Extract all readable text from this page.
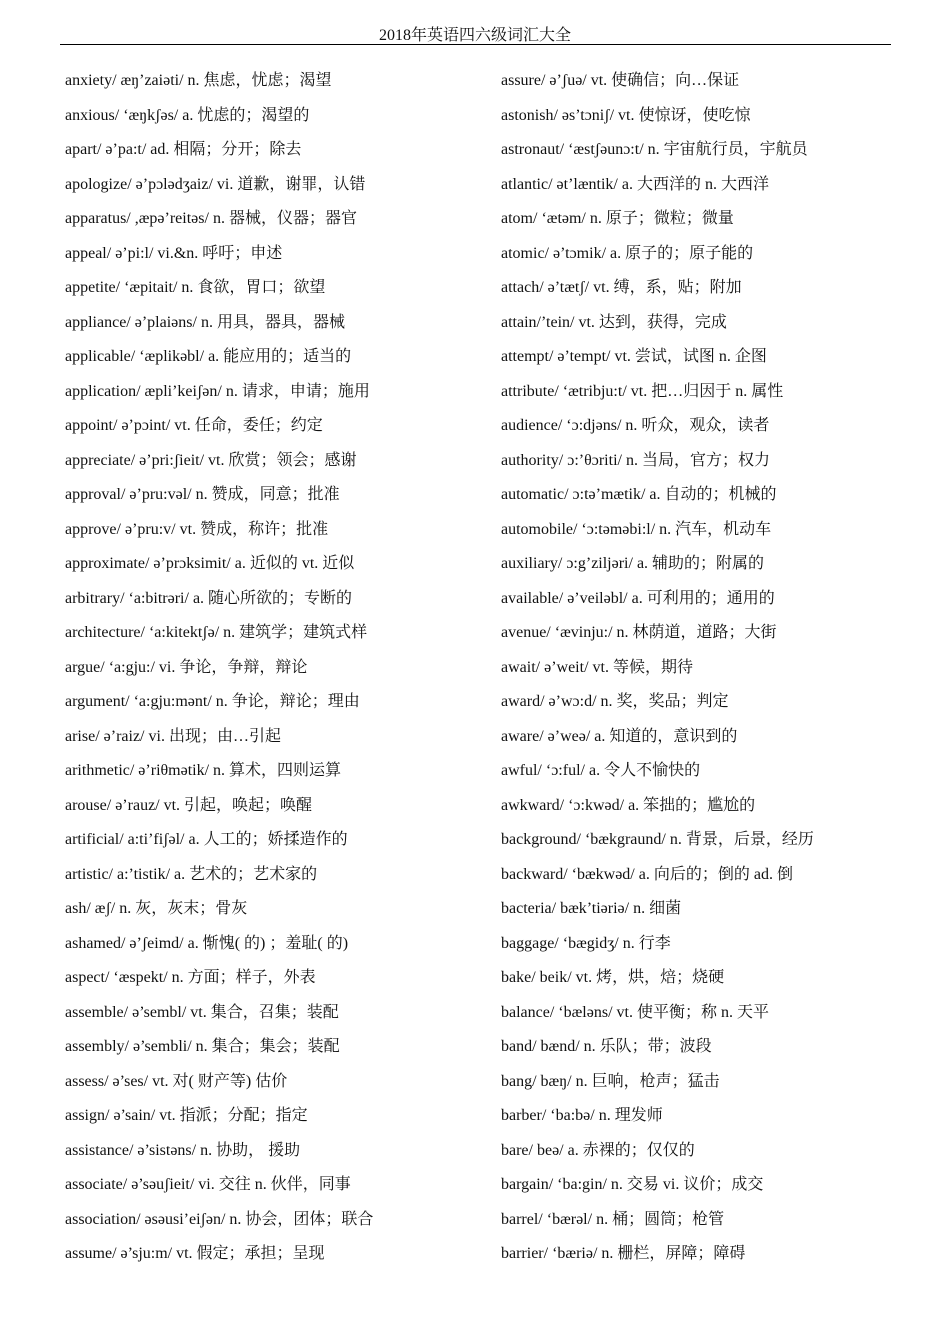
2018年英语四六级词汇大全
anxiety/ æŋ’zaiəti/ n. 焦虑，忧虑；渴望
anxious/ ‘æŋkʃəs/ a. 忧虑的；渴望的
apart/ ə’pa:t/ ad. 相隔；分开；除去
apologize/ ə’pɔlədʒaiz/ vi. 道歉，谢罪，认错
apparatus/ ,æpə’reitəs/ n. 器械，仪器；器官
appeal/ ə’pi:l/ vi.&n. 呼吁；申述
appetite/ ‘æpitait/ n. 食欲，胃口；欲望
appliance/ ə’plaiəns/ n. 用具，器具，器械
applicable/ ‘æplikəbl/ a. 能应用的；适当的
application/ æpli’keiʃən/ n. 请求，申请；施用
appoint/ ə’pɔint/ vt. 任命，委任；约定
appreciate/ ə’pri:ʃieit/ vt. 欣赏；领会；感谢
approval/ ə’pru:vəl/ n. 赞成，同意；批准
approve/ ə’pru:v/ vt. 赞成，称许；批准
approximate/ ə’prɔksimit/ a. 近似的 vt. 近似
arbitrary/ ‘a:bitrəri/ a. 随心所欲的；专断的
architecture/ ‘a:kitektʃə/ n. 建筑学；建筑式样
argue/ ‘a:gju:/ vi. 争论，争辩，辩论
argument/ ‘a:gju:mənt/ n. 争论，辩论；理由
arise/ ə’raiz/ vi. 出现；由…引起
arithmetic/ ə’riθmətik/ n. 算术，四则运算
arouse/ ə’rauz/ vt. 引起，唤起；唤醒
artificial/ a:ti’fiʃəl/ a. 人工的；娇揉造作的
artistic/ a:’tistik/ a. 艺术的；艺术家的
ash/ æʃ/ n. 灰，灰末；骨灰
ashamed/ ə’ʃeimd/ a. 惭愧( 的) ；羞耻( 的)
aspect/ ‘æspekt/ n. 方面；样子，外表
assemble/ ə’sembl/ vt. 集合，召集；装配
assembly/ ə’sembli/ n. 集合；集会；装配
assess/ ə’ses/ vt. 对( 财产等) 估价
assign/ ə’sain/ vt. 指派；分配；指定
assistance/ ə’sistəns/ n. 协助， 援助
associate/ ə’səuʃieit/ vi. 交往 n. 伙伴，同事
association/ əsəusi’eiʃən/ n. 协会，团体；联合
assume/ ə’sju:m/ vt. 假定；承担；呈现
assure/ ə’ʃuə/ vt. 使确信；向…保证
astonish/ əs’tɔniʃ/ vt. 使惊讶，使吃惊
astronaut/ ‘æstʃəunɔ:t/ n. 宇宙航行员，宇航员
atlantic/ ət’læntik/ a. 大西洋的 n. 大西洋
atom/ ‘ætəm/ n. 原子；微粒；微量
atomic/ ə’tɔmik/ a. 原子的；原子能的
attach/ ə’tætʃ/ vt. 缚，系，贴；附加
attain/’tein/ vt. 达到，获得，完成
attempt/ ə’tempt/ vt. 尝试，试图 n. 企图
attribute/ ‘ætribju:t/ vt. 把…归因于 n. 属性
audience/ ‘ɔ:djəns/ n. 听众，观众，读者
authority/ ɔ:’θɔriti/ n. 当局，官方；权力
automatic/ ɔ:tə’mætik/ a. 自动的；机械的
automobile/ ‘ɔ:təməbi:l/ n. 汽车，机动车
auxiliary/ ɔ:g’ziljəri/ a. 辅助的；附属的
available/ ə’veiləbl/ a. 可利用的；通用的
avenue/ ‘ævinju:/ n. 林荫道，道路；大街
await/ ə’weit/ vt. 等候，期待
award/ ə’wɔ:d/ n. 奖，奖品；判定
aware/ ə’weə/ a. 知道的，意识到的
awful/ ‘ɔ:ful/ a. 令人不愉快的
awkward/ ‘ɔ:kwəd/ a. 笨拙的；尴尬的
background/ ‘bækgraund/ n. 背景，后景，经历
backward/ ‘bækwəd/ a. 向后的；倒的 ad. 倒
bacteria/ bæk’tiəriə/ n. 细菌
baggage/ ‘bægidʒ/ n. 行李
bake/ beik/ vt. 烤，烘，焙；烧硬
balance/ ‘bæləns/ vt. 使平衡；称 n. 天平
band/ bænd/ n. 乐队；带；波段
bang/ bæŋ/ n. 巨响，枪声；猛击
barber/ ‘ba:bə/ n. 理发师
bare/ beə/ a. 赤裸的；仅仅的
bargain/ ‘ba:gin/ n. 交易 vi. 议价；成交
barrel/ ‘bærəl/ n. 桶；圆筒；枪管
barrier/ ‘bæriə/ n. 栅栏，屏障；障碍
